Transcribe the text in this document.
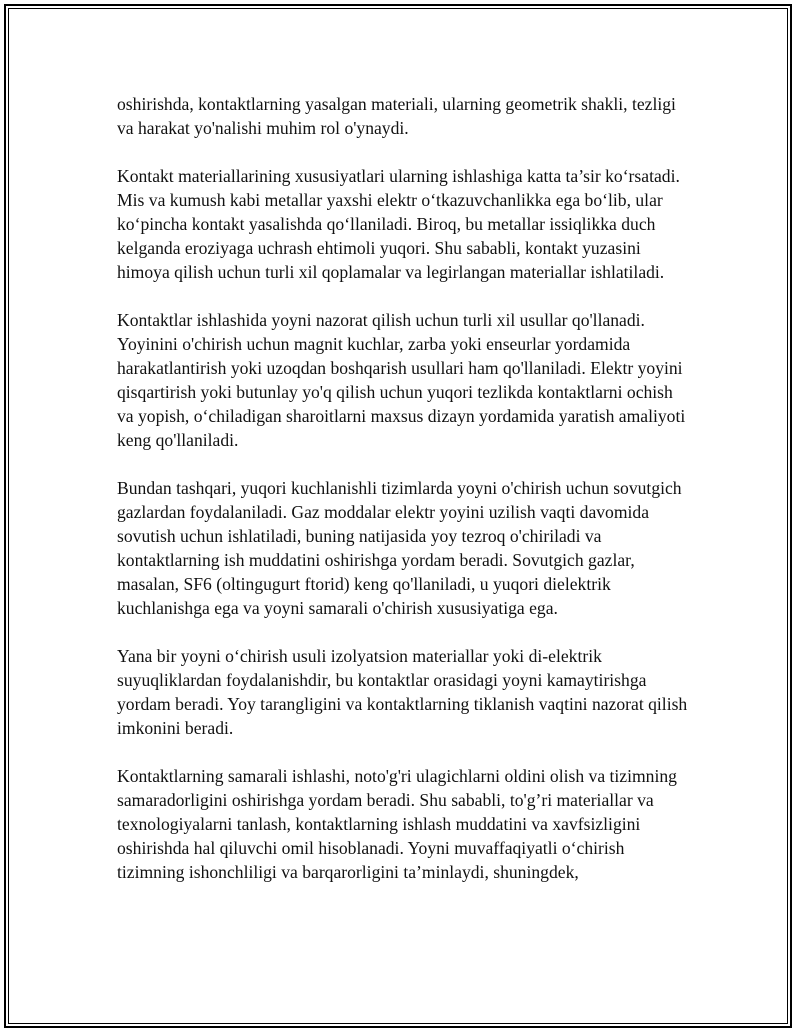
oshirishda, kontaktlarning yasalgan materiali, ularning geometrik shakli, tezligi va harakat yo'nalishi muhim rol o'ynaydi.

Kontakt materiallarining xususiyatlari ularning ishlashiga katta ta’sir ko‘rsatadi. Mis va kumush kabi metallar yaxshi elektr o‘tkazuvchanlikka ega bo‘lib, ular ko‘pincha kontakt yasalishda qo‘llaniladi. Biroq, bu metallar issiqlikka duch kelganda eroziyaga uchrash ehtimoli yuqori. Shu sababli, kontakt yuzasini himoya qilish uchun turli xil qoplamalar va legirlangan materiallar ishlatiladi.

Kontaktlar ishlashida yoyni nazorat qilish uchun turli xil usullar qo'llanadi. Yoyinini o'chirish uchun magnit kuchlar, zarba yoki enseurlar yordamida harakatlantirish yoki uzoqdan boshqarish usullari ham qo'llaniladi. Elektr yoyini qisqartirish yoki butunlay yo'q qilish uchun yuqori tezlikda kontaktlarni ochish va yopish, o‘chiladigan sharoitlarni maxsus dizayn yordamida yaratish amaliyoti keng qo'llaniladi.

Bundan tashqari, yuqori kuchlanishli tizimlarda yoyni o'chirish uchun sovutgich gazlardan foydalaniladi. Gaz moddalar elektr yoyini uzilish vaqti davomida sovutish uchun ishlatiladi, buning natijasida yoy tezroq o'chiriladi va kontaktlarning ish muddatini oshirishga yordam beradi. Sovutgich gazlar, masalan, SF6 (oltingugurt ftorid) keng qo'llaniladi, u yuqori dielektrik kuchlanishga ega va yoyni samarali o'chirish xususiyatiga ega.

Yana bir yoyni o‘chirish usuli izolyatsion materiallar yoki di-elektrik suyuqliklardan foydalanishdir, bu kontaktlar orasidagi yoyni kamaytirishga yordam beradi. Yoy tarangligini va kontaktlarning tiklanish vaqtini nazorat qilish imkonini beradi.

Kontaktlarning samarali ishlashi, noto'g'ri ulagichlarni oldini olish va tizimning samaradorligini oshirishga yordam beradi. Shu sababli, to'g’ri materiallar va texnologiyalarni tanlash, kontaktlarning ishlash muddatini va xavfsizligini oshirishda hal qiluvchi omil hisoblanadi. Yoyni muvaffaqiyatli o‘chirish tizimning ishonchliligi va barqarorligini ta’minlaydi, shuningdek,
